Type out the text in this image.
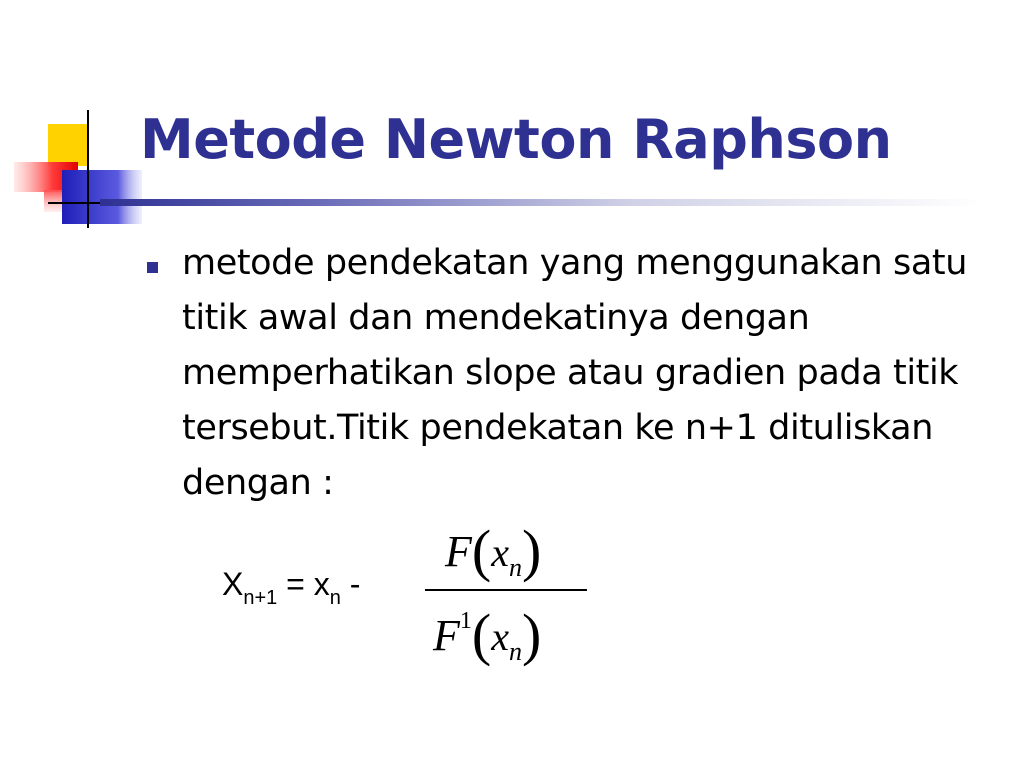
Metode Newton Raphson
metode pendekatan yang menggunakan satu titik awal dan mendekatinya dengan memperhatikan slope atau gradien pada titik tersebut.Titik pendekatan ke n+1 dituliskan dengan :
$X_{n+1} = x_n$ -
$F(x_n)$
$F1(x_n)$
